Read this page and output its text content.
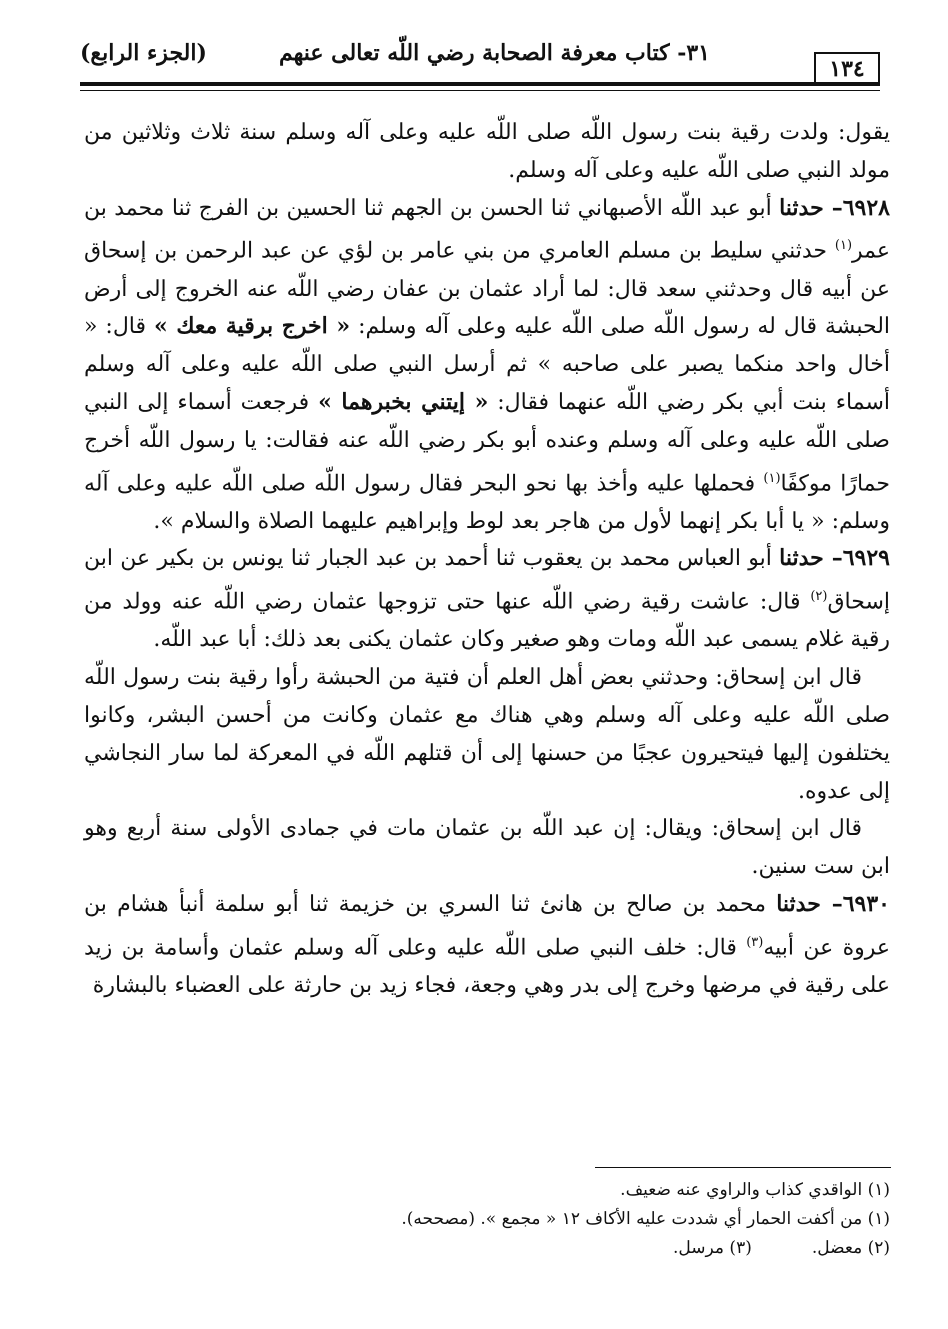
١٣٤
٣١- كتاب معرفة الصحابة رضي اللّه تعالى عنهم
(الجزء الرابع)

يقول: ولدت رقية بنت رسول اللّه صلى اللّه عليه وعلى آله وسلم سنة ثلاث وثلاثين من مولد النبي صلى اللّه عليه وعلى آله وسلم.

٦٩٢٨– حدثنا أبو عبد اللّه الأصبهاني ثنا الحسن بن الجهم ثنا الحسين بن الفرج ثنا محمد بن عمر$^{(١)}$ حدثني سليط بن مسلم العامري من بني عامر بن لؤي عن عبد الرحمن بن إسحاق عن أبيه قال وحدثني سعد قال: لما أراد عثمان بن عفان رضي اللّه عنه الخروج إلى أرض الحبشة قال له رسول اللّه صلى اللّه عليه وعلى آله وسلم: « اخرج برقية معك » قال: « أخال واحد منكما يصبر على صاحبه » ثم أرسل النبي صلى اللّه عليه وعلى آله وسلم أسماء بنت أبي بكر رضي اللّه عنهما فقال: « إيتني بخبرهما » فرجعت أسماء إلى النبي صلى اللّه عليه وعلى آله وسلم وعنده أبو بكر رضي اللّه عنه فقالت: يا رسول اللّه أخرج حمارًا موكفًا$^{(١)}$ فحملها عليه وأخذ بها نحو البحر فقال رسول اللّه صلى اللّه عليه وعلى آله وسلم: « يا أبا بكر إنهما لأول من هاجر بعد لوط وإبراهيم عليهما الصلاة والسلام ».

٦٩٢٩– حدثنا أبو العباس محمد بن يعقوب ثنا أحمد بن عبد الجبار ثنا يونس بن بكير عن ابن إسحاق$^{(٢)}$ قال: عاشت رقية رضي اللّه عنها حتى تزوجها عثمان رضي اللّه عنه وولد من رقية غلام يسمى عبد اللّه ومات وهو صغير وكان عثمان يكنى بعد ذلك: أبا عبد اللّه.

قال ابن إسحاق: وحدثني بعض أهل العلم أن فتية من الحبشة رأوا رقية بنت رسول اللّه صلى اللّه عليه وعلى آله وسلم وهي هناك مع عثمان وكانت من أحسن البشر، وكانوا يختلفون إليها فيتحيرون عجبًا من حسنها إلى أن قتلهم اللّه في المعركة لما سار النجاشي إلى عدوه.

قال ابن إسحاق: ويقال: إن عبد اللّه بن عثمان مات في جمادى الأولى سنة أربع وهو ابن ست سنين.

٦٩٣٠– حدثنا محمد بن صالح بن هانئ ثنا السري بن خزيمة ثنا أبو سلمة أنبأ هشام بن عروة عن أبيه$^{(٣)}$ قال: خلف النبي صلى اللّه عليه وعلى آله وسلم عثمان وأسامة بن زيد على رقية في مرضها وخرج إلى بدر وهي وجعة، فجاء زيد بن حارثة على العضباء بالبشارة

(١) الواقدي كذاب والراوي عنه ضعيف.
(١) من أكفت الحمار أي شددت عليه الأكاف ١٢ « مجمع ». (مصححه).
(٢) معضل.(٣) مرسل.
